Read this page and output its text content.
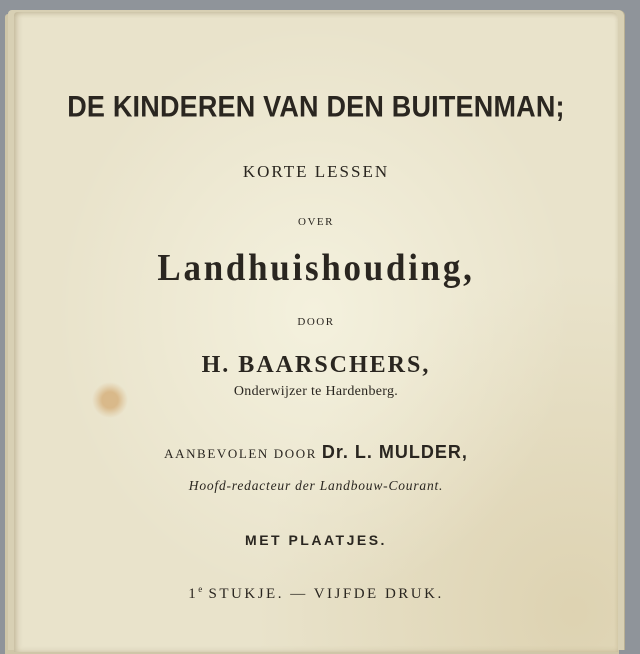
DE KINDEREN VAN DEN BUITENMAN;
KORTE LESSEN
OVER
Landhuishouding,
DOOR
H. BAARSCHERS,
Onderwijzer te Hardenberg.
AANBEVOLEN DOOR Dr. L. MULDER,
Hoofd-redacteur der Landbouw-Courant.
MET PLAATJES.
1e STUKJE. — VIJFDE DRUK.
